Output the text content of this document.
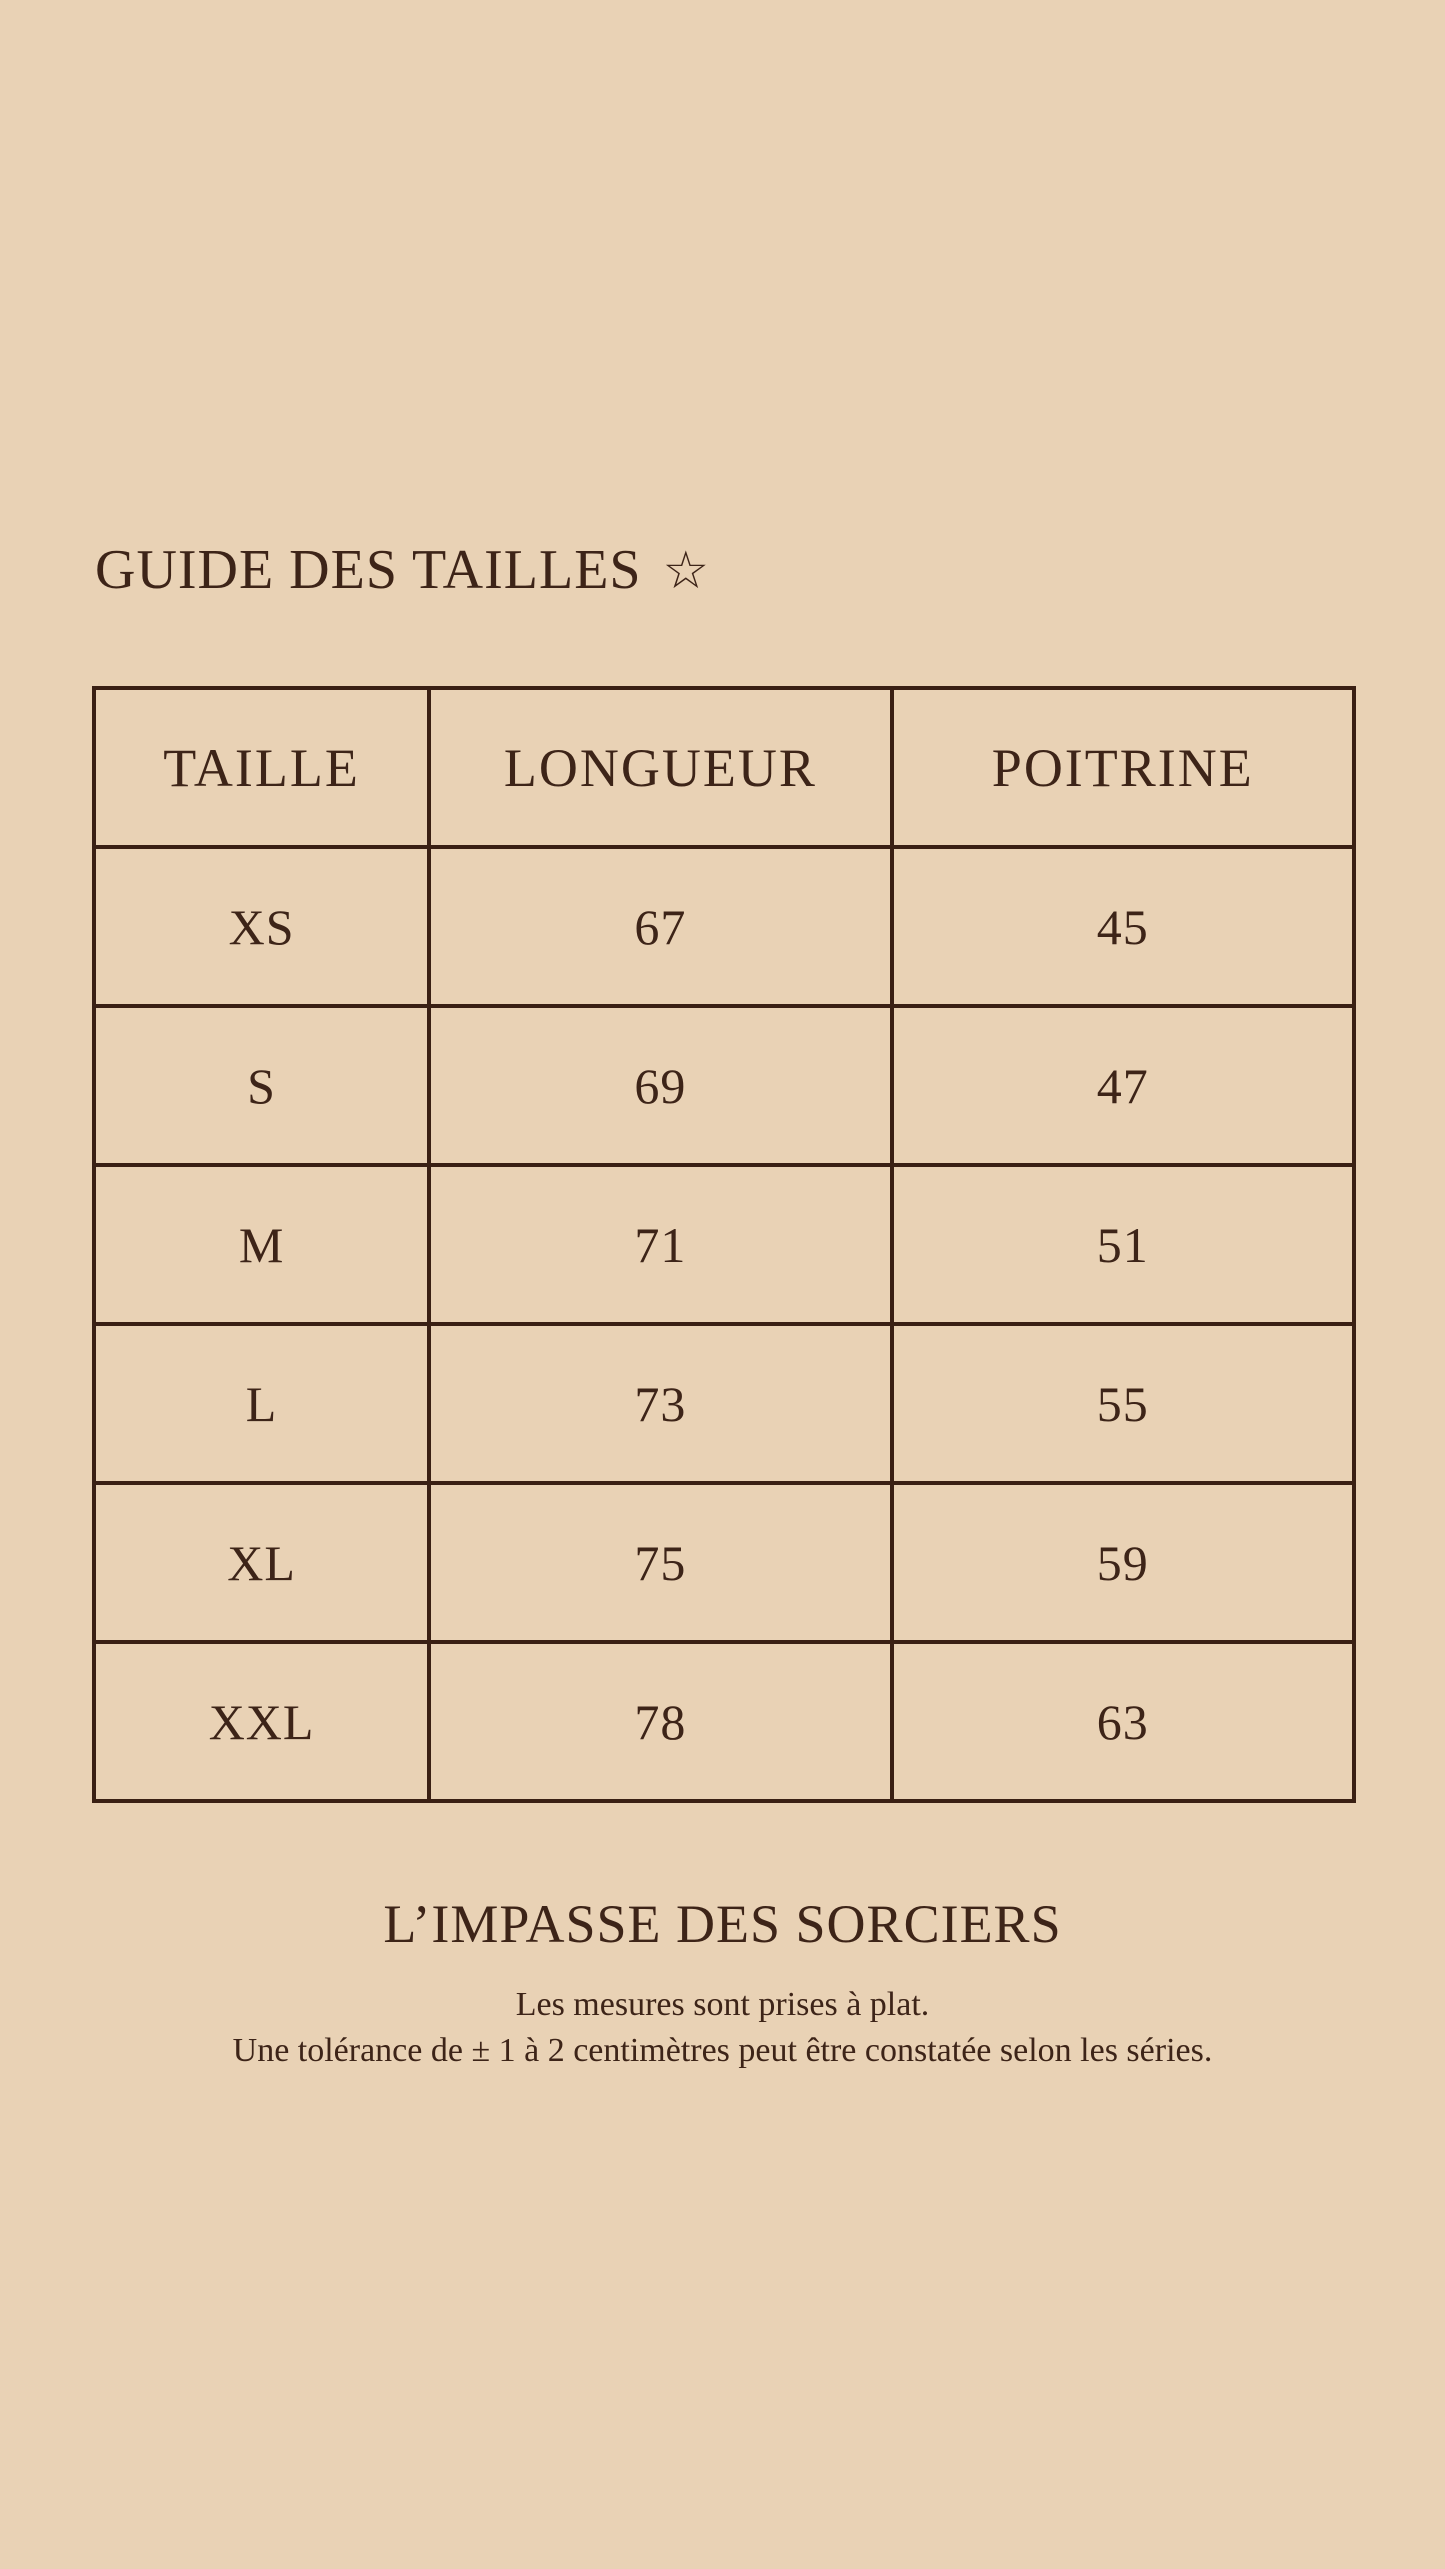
GUIDE DES TAILLES ☆
TAILLE	LONGUEUR	POITRINE
XS	67	45
S	69	47
M	71	51
L	73	55
XL	75	59
XXL	78	63
L’IMPASSE DES SORCIERS

Les mesures sont prises à plat.

Une tolérance de ± 1 à 2 centimètres peut être constatée selon les séries.
